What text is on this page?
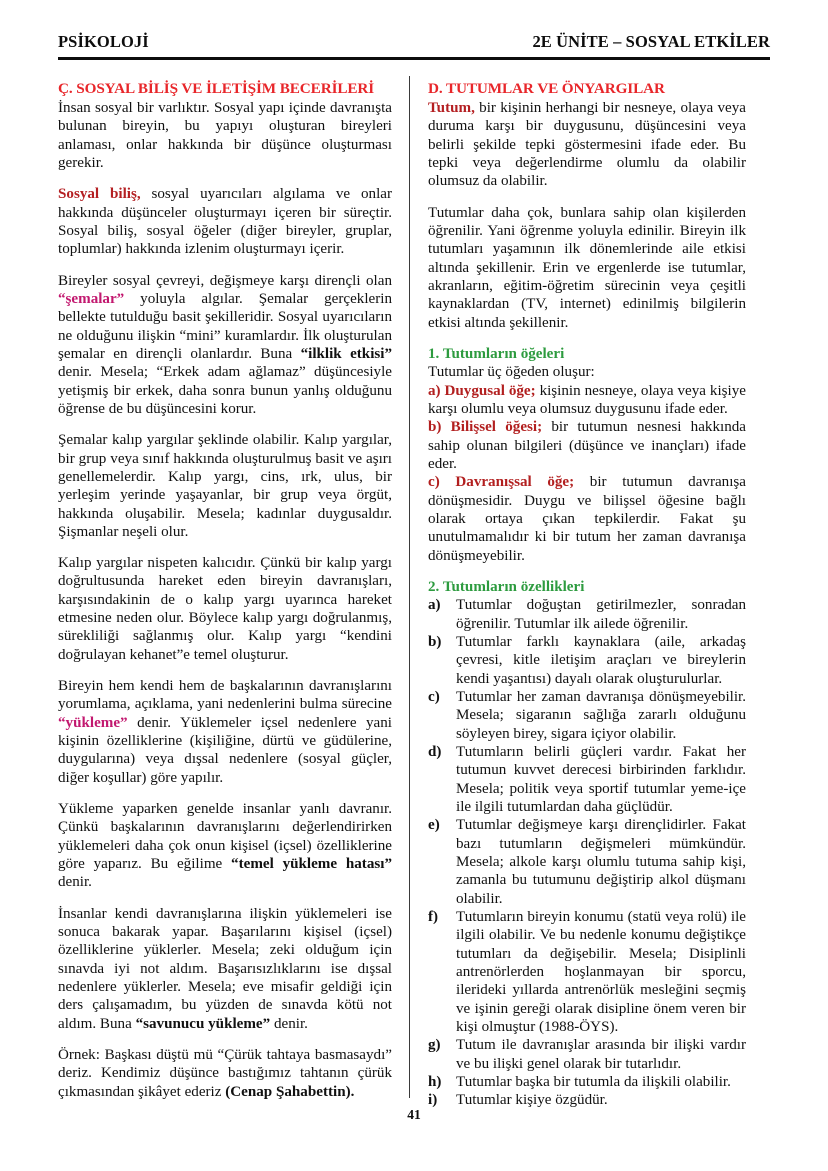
PSİKOLOJİ	2E ÜNİTE – SOSYAL ETKİLER
Ç. SOSYAL BİLİŞ VE İLETİŞİM BECERİLERİ

İnsan sosyal bir varlıktır. Sosyal yapı içinde davranışta bulunan bireyin, bu yapıyı oluşturan bireyleri anlaması, onlar hakkında bir düşünce oluşturması gerekir.

Sosyal biliş, sosyal uyarıcıları algılama ve onlar hakkında düşünceler oluşturmayı içeren bir süreçtir. Sosyal biliş, sosyal öğeler (diğer bireyler, gruplar, toplumlar) hakkında izlenim oluşturmayı içerir.

Bireyler sosyal çevreyi, değişmeye karşı dirençli olan “şemalar” yoluyla algılar. Şemalar gerçeklerin bellekte tutulduğu basit şekilleridir. Sosyal uyarıcıların ne olduğunu ilişkin “mini” kuramlardır. İlk oluşturulan şemalar en dirençli olanlardır. Buna “ilklik etkisi” denir. Mesela; “Erkek adam ağlamaz” düşüncesiyle yetişmiş bir erkek, daha sonra bunun yanlış olduğunu öğrense de bu düşüncesini korur.

Şemalar kalıp yargılar şeklinde olabilir. Kalıp yargılar, bir grup veya sınıf hakkında oluşturulmuş basit ve aşırı genellemelerdir. Kalıp yargı, cins, ırk, ulus, bir yerleşim yerinde yaşayanlar, bir grup veya örgüt, hakkında oluşabilir. Mesela; kadınlar duygusaldır. Şişmanlar neşeli olur.

Kalıp yargılar nispeten kalıcıdır. Çünkü bir kalıp yargı doğrultusunda hareket eden bireyin davranışları, karşısındakinin de o kalıp yargı uyarınca hareket etmesine neden olur. Böylece kalıp yargı doğrulanmış, sürekliliği sağlanmış olur. Kalıp yargı “kendini doğrulayan kehanet”e temel oluşturur.

Bireyin hem kendi hem de başkalarının davranışlarını yorumlama, açıklama, yani nedenlerini bulma sürecine “yükleme” denir. Yüklemeler içsel nedenlere yani kişinin özelliklerine (kişiliğine, dürtü ve güdülerine, duygularına) veya dışsal nedenlere (sosyal güçler, diğer koşullar) göre yapılır.

Yükleme yaparken genelde insanlar yanlı davranır. Çünkü başkalarının davranışlarını değerlendirirken yüklemeleri daha çok onun kişisel (içsel) özelliklerine göre yaparız. Bu eğilime “temel yükleme hatası” denir.

İnsanlar kendi davranışlarına ilişkin yüklemeleri ise sonuca bakarak yapar. Başarılarını kişisel (içsel) özelliklerine yüklerler. Mesela; zeki olduğum için sınavda iyi not aldım. Başarısızlıklarını ise dışsal nedenlere yüklerler. Mesela; eve misafir geldiği için ders çalışamadım, bu yüzden de sınavda kötü not aldım. Buna “savunucu yükleme” denir.

Örnek: Başkası düştü mü “Çürük tahtaya basmasaydı” deriz. Kendimiz düşünce bastığımız tahtanın çürük çıkmasından şikâyet ederiz (Cenap Şahabettin).

D. TUTUMLAR VE ÖNYARGILAR

Tutum, bir kişinin herhangi bir nesneye, olaya veya duruma karşı bir duygusunu, düşüncesini veya belirli şekilde tepki göstermesini ifade eder. Bu tepki veya değerlendirme olumlu da olabilir olumsuz da olabilir.

Tutumlar daha çok, bunlara sahip olan kişilerden öğrenilir. Yani öğrenme yoluyla edinilir. Bireyin ilk tutumları yaşamının ilk dönemlerinde aile etkisi altında şekillenir. Erin ve ergenlerde ise tutumlar, akranların, eğitim-öğretim sürecinin veya çeşitli kaynaklardan (TV, internet) edinilmiş bilgilerin etkisi altında şekillenir.

1. Tutumların öğeleri

Tutumlar üç öğeden oluşur:

a) Duygusal öğe; kişinin nesneye, olaya veya kişiye karşı olumlu veya olumsuz duygusunu ifade eder.

b) Bilişsel öğesi; bir tutumun nesnesi hakkında sahip olunan bilgileri (düşünce ve inançları) ifade eder.

c) Davranışsal öğe; bir tutumun davranışa dönüşmesidir. Duygu ve bilişsel öğesine bağlı olarak ortaya çıkan tepkilerdir. Fakat şu unutulmamalıdır ki bir tutum her zaman davranışa dönüşmeyebilir.

2. Tutumların özellikleri
a)	Tutumlar doğuştan getirilmezler, sonradan öğrenilir. Tutumlar ilk ailede öğrenilir.
b) Tutumlar farklı kaynaklara (aile, arkadaş çevresi, kitle iletişim araçları ve bireylerin kendi yaşantısı) dayalı olarak oluşturulurlar.
c)	Tutumlar her zaman davranışa dönüşmeyebilir. Mesela; sigaranın sağlığa zararlı olduğunu söyleyen birey, sigara içiyor olabilir.
d) Tutumların belirli güçleri vardır. Fakat her tutumun kuvvet derecesi birbirinden farklıdır. Mesela; politik veya sportif tutumlar yeme-içe ile ilgili tutumlardan daha güçlüdür.
e)	Tutumlar değişmeye karşı dirençlidirler. Fakat bazı tutumların değişmeleri mümkündür. Mesela; alkole karşı olumlu tutuma sahip kişi, zamanla bu tutumunu değiştirip alkol düşmanı olabilir.
f)	Tutumların bireyin konumu (statü veya rolü) ile ilgili olabilir. Ve bu nedenle konumu değiştikçe tutumları da değişebilir. Mesela; Disiplinli antrenörlerden hoşlanmayan bir sporcu, ilerideki yıllarda antrenörlük mesleğini seçmiş ve işinin gereği olarak disipline önem veren bir kişi olmuştur (1988-ÖYS).
g)	Tutum ile davranışlar arasında bir ilişki vardır ve bu ilişki genel olarak bir tutarlıdır.
h) Tutumlar başka bir tutumla da ilişkili olabilir.
i)	Tutumlar kişiye özgüdür.
41
